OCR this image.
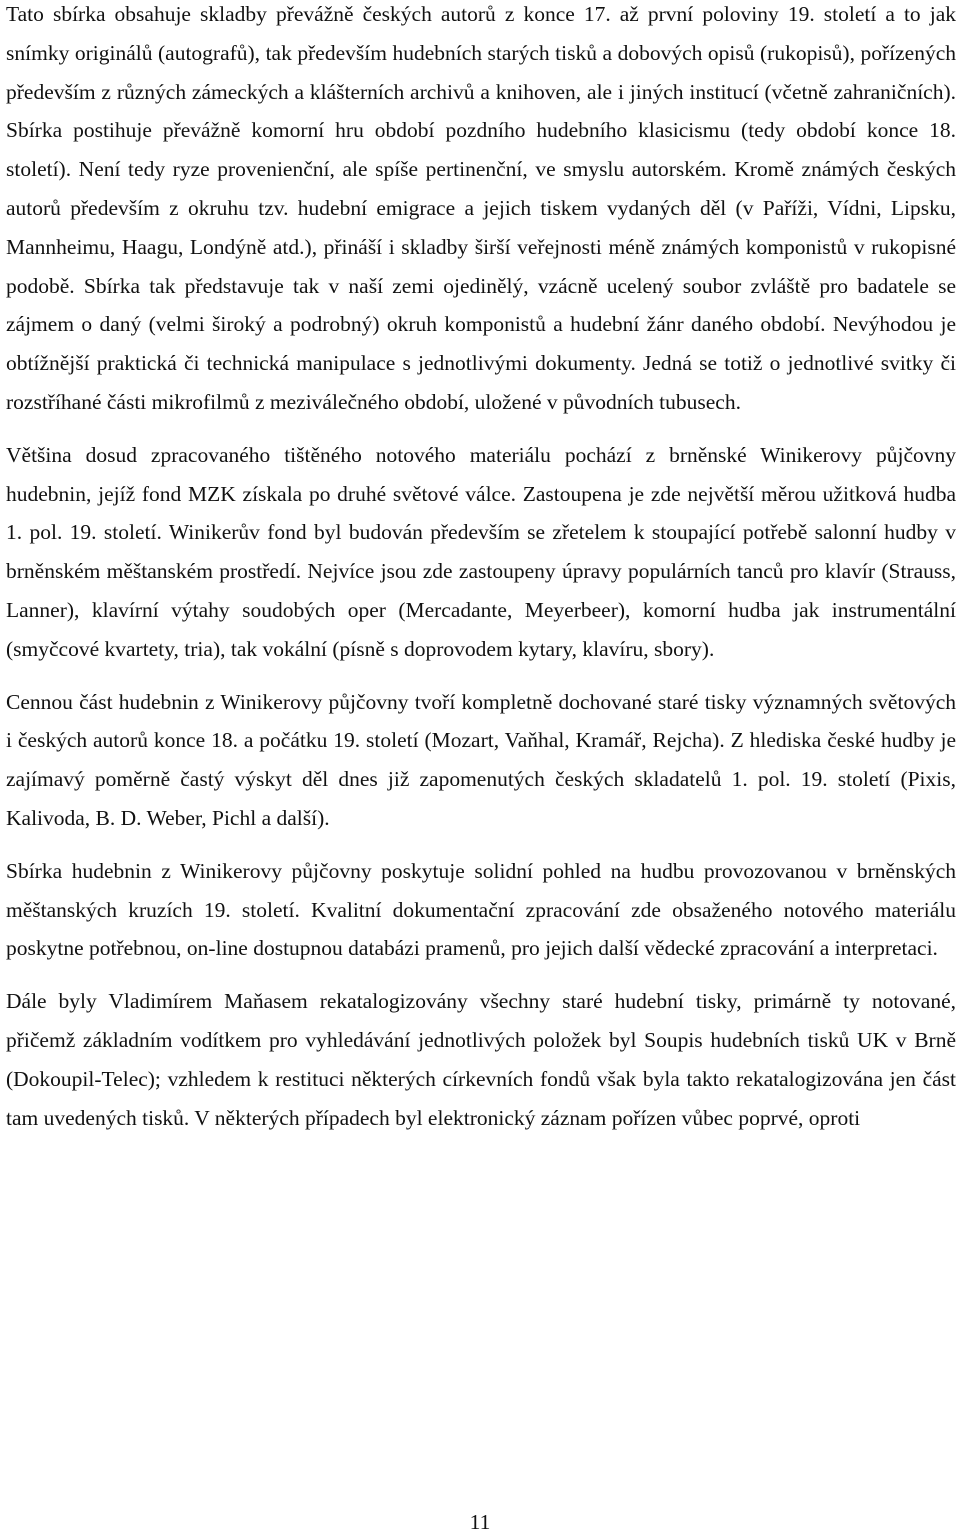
Tato sbírka obsahuje skladby převážně českých autorů z konce 17. až první poloviny 19. století a to jak snímky originálů (autografů), tak především hudebních starých tisků a dobových opisů (rukopisů), pořízených především z různých zámeckých a klášterních archivů a knihoven, ale i jiných institucí (včetně zahraničních). Sbírka postihuje převážně komorní hru období pozdního hudebního klasicismu (tedy období konce 18. století). Není tedy ryze provenienční, ale spíše pertinenční, ve smyslu autorském. Kromě známých českých autorů především z okruhu tzv. hudební emigrace a jejich tiskem vydaných děl (v Paříži, Vídni, Lipsku, Mannheimu, Haagu, Londýně atd.), přináší i skladby širší veřejnosti méně známých komponistů v rukopisné podobě. Sbírka tak představuje tak v naší zemi ojedinělý, vzácně ucelený soubor zvláště pro badatele se zájmem o daný (velmi široký a podrobný) okruh komponistů a hudební žánr daného období. Nevýhodou je obtížnější praktická či technická manipulace s jednotlivými dokumenty. Jedná se totiž o jednotlivé svitky či rozstříhané části mikrofilmů z meziválečného období, uložené v původních tubusech.

Většina dosud zpracovaného tištěného notového materiálu pochází z brněnské Winikerovy půjčovny hudebnin, jejíž fond MZK získala po druhé světové válce. Zastoupena je zde největší měrou užitková hudba 1. pol. 19. století. Winikerův fond byl budován především se zřetelem k stoupající potřebě salonní hudby v brněnském měštanském prostředí. Nejvíce jsou zde zastoupeny úpravy populárních tanců pro klavír (Strauss, Lanner), klavírní výtahy soudobých oper (Mercadante, Meyerbeer), komorní hudba jak instrumentální (smyčcové kvartety, tria), tak vokální (písně s doprovodem kytary, klavíru, sbory).

Cennou část hudebnin z Winikerovy půjčovny tvoří kompletně dochované staré tisky významných světových i českých autorů konce 18. a počátku 19. století (Mozart, Vaňhal, Kramář, Rejcha). Z hlediska české hudby je zajímavý poměrně častý výskyt děl dnes již zapomenutých českých skladatelů 1. pol. 19. století (Pixis, Kalivoda, B. D. Weber, Pichl a další).

Sbírka hudebnin z Winikerovy půjčovny poskytuje solidní pohled na hudbu provozovanou v brněnských měštanských kruzích 19. století. Kvalitní dokumentační zpracování zde obsaženého notového materiálu poskytne potřebnou, on-line dostupnou databázi pramenů, pro jejich další vědecké zpracování a interpretaci.

Dále byly Vladimírem Maňasem rekatalogizovány všechny staré hudební tisky, primárně ty notované, přičemž základním vodítkem pro vyhledávání jednotlivých položek byl Soupis hudebních tisků UK v Brně (Dokoupil-Telec); vzhledem k restituci některých církevních fondů však byla takto rekatalogizována jen část tam uvedených tisků. V některých případech byl elektronický záznam pořízen vůbec poprvé, oproti

11
